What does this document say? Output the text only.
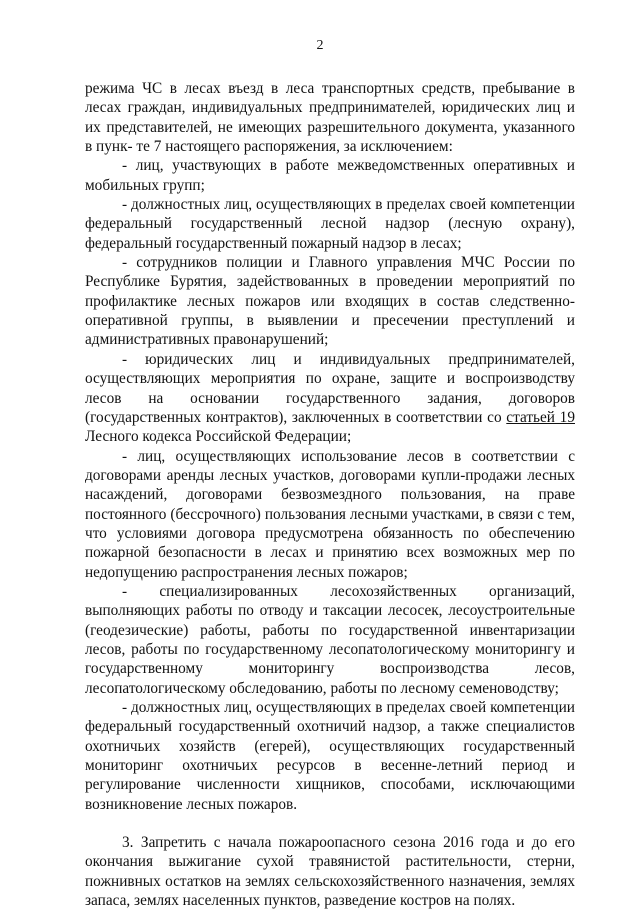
2

режима ЧС в лесах въезд в леса транспортных средств, пребывание в лесах граждан, индивидуальных предпринимателей, юридических лиц и их представителей, не имеющих разрешительного документа, указанного в пунк- те 7 настоящего распоряжения, за исключением:

- лиц, участвующих в работе межведомственных оперативных и мобильных групп;

- должностных лиц, осуществляющих в пределах своей компетенции федеральный государственный лесной надзор (лесную охрану), федеральный государственный пожарный надзор в лесах;

- сотрудников полиции и Главного управления МЧС России по Республике Бурятия, задействованных в проведении мероприятий по профилактике лесных пожаров или входящих в состав следственно-оперативной группы, в выявлении и пресечении преступлений и административных правонарушений;

- юридических лиц и индивидуальных предпринимателей, осуществляющих мероприятия по охране, защите и воспроизводству лесов на основании государственного задания, договоров (государственных контрактов), заключенных в соответствии со статьей 19 Лесного кодекса Российской Федерации;

- лиц, осуществляющих использование лесов в соответствии с договорами аренды лесных участков, договорами купли-продажи лесных насаждений, договорами безвозмездного пользования, на праве постоянного (бессрочного) пользования лесными участками, в связи с тем, что условиями договора предусмотрена обязанность по обеспечению пожарной безопасности в лесах и принятию всех возможных мер по недопущению распространения лесных пожаров;

- специализированных лесохозяйственных организаций, выполняющих работы по отводу и таксации лесосек, лесоустроительные (геодезические) работы, работы по государственной инвентаризации лесов, работы по государственному лесопатологическому мониторингу и государственному мониторингу воспроизводства лесов, лесопатологическому обследованию, работы по лесному семеноводству;

- должностных лиц, осуществляющих в пределах своей компетенции федеральный государственный охотничий надзор, а также специалистов охотничьих хозяйств (егерей), осуществляющих государственный мониторинг охотничьих ресурсов в весенне-летний период и регулирование численности хищников, способами, исключающими возникновение лесных пожаров.

3. Запретить с начала пожароопасного сезона 2016 года и до его окончания выжигание сухой травянистой растительности, стерни, пожнивных остатков на землях сельскохозяйственного назначения, землях запаса, землях населенных пунктов, разведение костров на полях.
